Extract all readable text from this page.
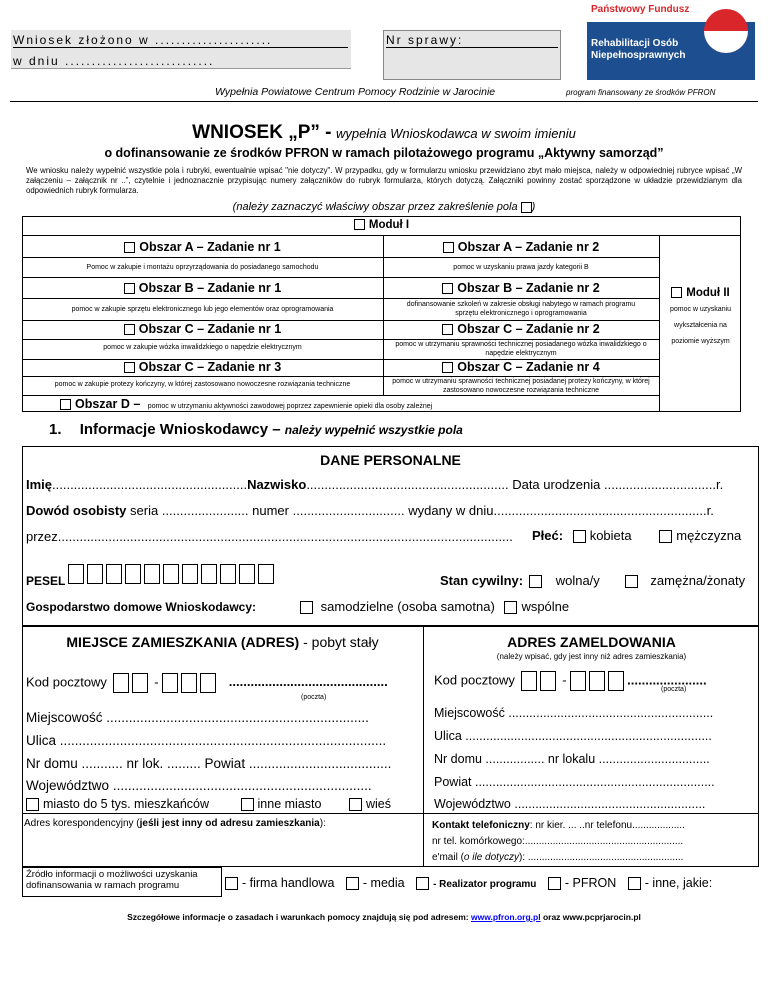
Wniosek złożono w ......................
w dniu ............................
Nr sprawy:
Państwowy Fundusz
Rehabilitacji Osób
Niepełnosprawnych
Wypełnia Powiatowe Centrum Pomocy Rodzinie w Jarocinie	program finansowany ze środków PFRON
WNIOSEK „P” - wypełnia Wnioskodawca w swoim imieniu
o dofinansowanie ze środków PFRON w ramach pilotażowego programu „Aktywny samorząd”
We wniosku należy wypełnić wszystkie pola i rubryki, ewentualnie wpisać "nie dotyczy". W przypadku, gdy w formularzu wniosku przewidziano zbyt mało miejsca, należy w odpowiedniej rubryce wpisać „W załączeniu – załącznik nr ..”, czytelnie i jednoznacznie przypisując numery załączników do rubryk formularza, których dotyczą. Załączniki powinny zostać sporządzone w układzie przewidzianym dla odpowiednich rubryk formularza.
(należy zaznaczyć właściwy obszar przez zakreślenie pola )
Moduł I
Obszar A – Zadanie nr 1
Pomoc w zakupie i montażu oprzyrządowania do posiadanego samochodu
Obszar A – Zadanie nr 2
pomoc w uzyskaniu prawa jazdy kategorii B
Obszar B – Zadanie nr 1
pomoc w zakupie sprzętu elektronicznego lub jego elementów oraz oprogramowania
Obszar B – Zadanie nr 2
dofinansowanie szkoleń w zakresie obsługi nabytego w ramach programu sprzętu elektronicznego i oprogramowania
Obszar C – Zadanie nr 1
pomoc w zakupie wózka inwalidzkiego o napędzie elektrycznym
Obszar C – Zadanie nr 2
pomoc w utrzymaniu sprawności technicznej posiadanego wózka inwalidzkiego o napędzie elektrycznym
Obszar C – Zadanie nr 3
pomoc w zakupie protezy kończyny, w której zastosowano nowoczesne rozwiązania techniczne
Obszar C – Zadanie nr 4
pomoc w utrzymaniu sprawności technicznej posiadanej protezy kończyny, w której zastosowano nowoczesne rozwiązania techniczne
Obszar D – pomoc w utrzymaniu aktywności zawodowej poprzez zapewnienie opieki dla osoby zależnej
Moduł II
pomoc w uzyskaniu
wykształcenia na
poziomie wyższym
1. Informacje Wnioskodawcy – należy wypełnić wszystkie pola
DANE PERSONALNE
Imię......................................................Nazwisko........................................................ Data urodzenia ...............................r.
Dowód osobisty seria ........................ numer ............................... wydany w dniu...........................................................r.
przez.............................................................................................................................. Płeć: kobieta	mężczyzna
PESEL	Stan cywilny:	wolna/y	zamężna/żonaty
Gospodarstwo domowe Wnioskodawcy:	samodzielne (osoba samotna) wspólne
MIEJSCE ZAMIESZKANIA (ADRES) - pobyt stały	ADRES ZAMELDOWANIA
(należy wpisać, gdy jest inny niż adres zamieszkania)
Kod pocztowy	-	............................................
(poczta)
Kod pocztowy	-	......................
(poczta)
Miejscowość ......................................................................
Ulica .......................................................................................
Nr domu ........... nr lok. ......... Powiat ......................................
Województwo .....................................................................
miasto do 5 tys. mieszkańców	inne miasto	wieś
Miejscowość ...........................................................
Ulica .......................................................................
Nr domu ................. nr lokalu ................................
Powiat .....................................................................
Województwo .......................................................
Adres korespondencyjny (jeśli jest inny od adresu zamieszkania):	Kontakt telefoniczny: nr kier. ... ..nr telefonu...................
nr tel. komórkowego:.........................................................
e'mail (o ile dotyczy): ........................................................
Źródło informacji o możliwości uzyskania dofinansowania w ramach programu	- firma handlowa - media	- Realizator programu - PFRON - inne, jakie:
Szczegółowe informacje o zasadach i warunkach pomocy znajdują się pod adresem: www.pfron.org.pl oraz www.pcprjarocin.pl
